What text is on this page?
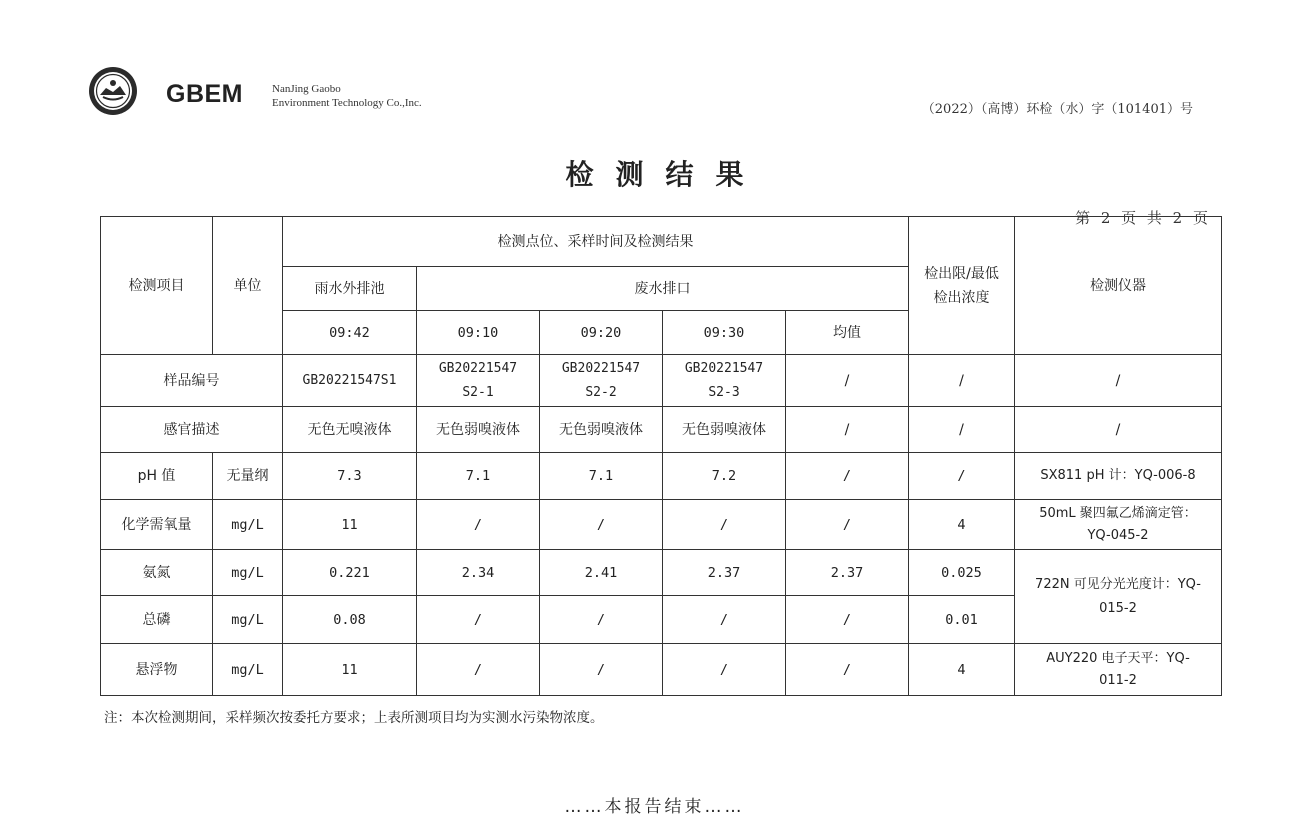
GBEM	NanJing Gaobo
Environment Technology Co.,Inc.	（2022）（高博）环检（水）字（101401）号
检测结果
第 2 页 共 2 页
检测项目	单位	检测点位、采样时间及检测结果					检出限/最低检出浓度	检测仪器
		雨水外排池	废水排口					
		09:42	09:10	09:20	09:30	均值		
样品编号		GB20221547S1	GB20221547 S2-1	GB20221547 S2-2	GB20221547 S2-3	/	/	/
感官描述		无色无嗅液体	无色弱嗅液体	无色弱嗅液体	无色弱嗅液体	/	/	/
pH 值	无量纲	7.3	7.1	7.1	7.2	/	/	SX811 pH 计：YQ-006-8
化学需氧量	mg/L	11	/	/	/	/	4	50mL 聚四氟乙烯滴定管：YQ-045-2

氨氮	mg/L	0.221	2.34	2.41	2.37	2.37	0.025	722N 可见分光光度计：YQ-015-2

总磷	mg/L	0.08	/	/	/	/	0.01	
悬浮物	mg/L	11	/	/	/	/	4	AUY220 电子天平：YQ-011-2
注：本次检测期间，采样频次按委托方要求；上表所测项目均为实测水污染物浓度。
……本报告结束……
